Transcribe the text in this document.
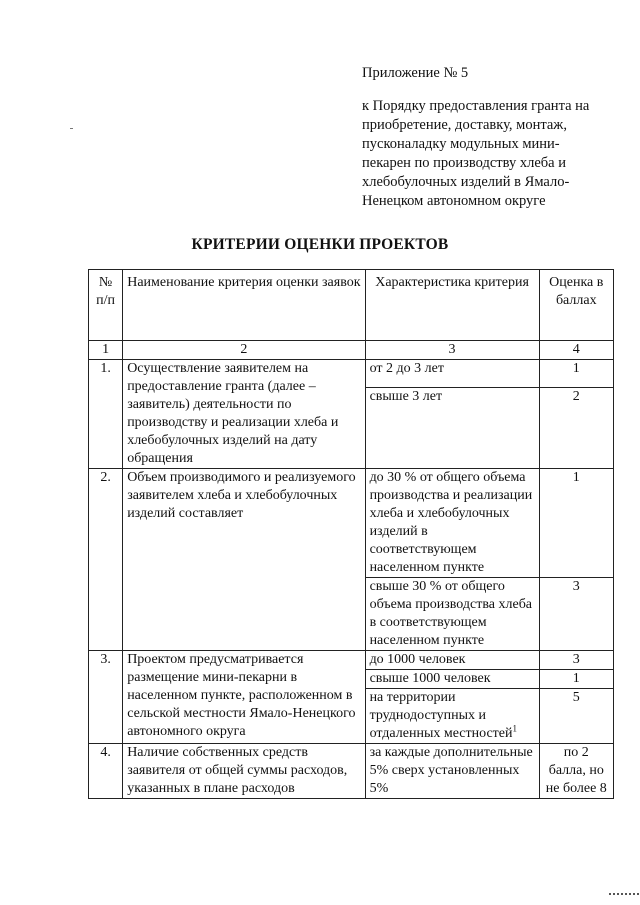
Приложение № 5
к Порядку предоставления гранта на
приобретение, доставку, монтаж,
пусконаладку модульных мини-
пекарен по производству хлеба и
хлебобулочных изделий в Ямало-
Ненецком автономном округе
КРИТЕРИИ ОЦЕНКИ ПРОЕКТОВ
№
п/п	Наименование критерия оценки заявок	Характеристика критерия	Оценка в баллах
1	2	3	4
1.	Осуществление заявителем на предоставление гранта (далее – заявитель) деятельности по производству и реализации хлеба и хлебобулочных изделий на дату обращения	от 2 до 3 лет	1
		свыше 3 лет	2
2.	Объем производимого и реализуемого заявителем хлеба и хлебобулочных изделий составляет	до 30 % от общего объема производства и реализации хлеба и хлебобулочных изделий в соответствующем населенном пункте	1
		свыше 30 % от общего объема производства хлеба в соответствующем населенном пункте	3
3.	Проектом предусматривается размещение мини-пекарни в населенном пункте, расположенном в сельской местности Ямало-Ненецкого автономного округа	до 1000 человек	3
		свыше 1000 человек	1
		на территории труднодоступных и отдаленных местностей$^1$	5
4.	Наличие собственных средств заявителя от общей суммы расходов, указанных в плане расходов	за каждые дополнительные 5% сверх установленных 5%	по 2 балла, но не более 8
